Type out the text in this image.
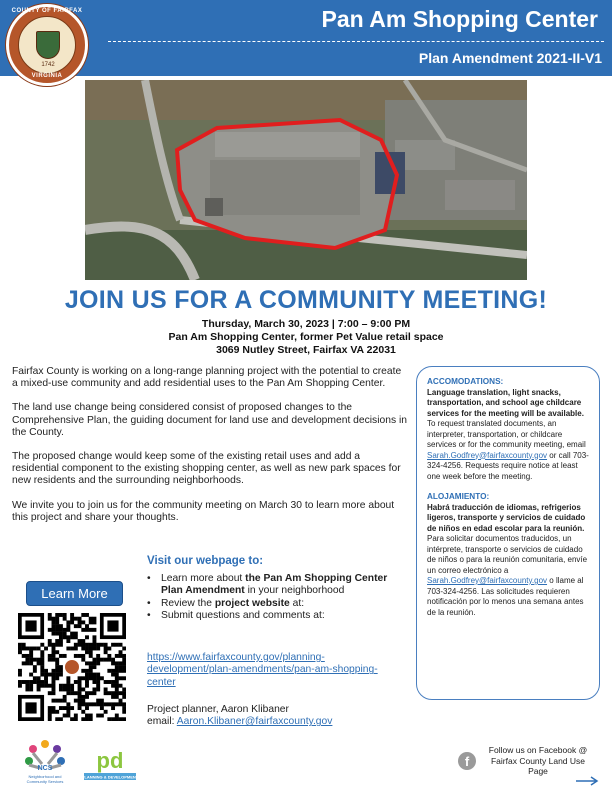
Pan Am Shopping Center
Plan Amendment 2021-II-V1
COUNTY OF FAIRFAX
1742
VIRGINIA
JOIN US FOR A COMMUNITY MEETING!
Thursday, March 30, 2023 | 7:00 – 9:00 PM
Pan Am Shopping Center, former Pet Value retail space
3069 Nutley Street, Fairfax VA 22031

Fairfax County is working on a long-range planning project with the potential to create a mixed-use community and add residential uses to the Pan Am Shopping Center.

The land use change being considered consist of proposed changes to the Comprehensive Plan, the guiding document for land use and development decisions in the County.

The proposed change would keep some of the existing retail uses and add a residential component to the existing shopping center, as well as new park spaces for new residents and the surrounding neighborhoods.

We invite you to join us for the community meeting on March 30 to learn more about this project and share your thoughts.

ACCOMODATIONS:
Language translation, light snacks, transportation, and school age childcare services for the meeting will be available. To request translated documents, an interpreter, transportation, or childcare services or for the community meeting, email Sarah.Godfrey@fairfaxcounty.gov or call 703-324-4256. Requests require notice at least one week before the meeting.
ALOJAMIENTO:
Habrá traducción de idiomas, refrigerios ligeros, transporte y servicios de cuidado de niños en edad escolar para la reunión. Para solicitar documentos traducidos, un intérprete, transporte o servicios de cuidado de niños o para la reunión comunitaria, envíe un correo electrónico a Sarah.Godfrey@fairfaxcounty.gov o llame al 703-324-4256. Las solicitudes requieren notificación por lo menos una semana antes de la reunión.
Learn More
Visit our webpage to:
• Learn more about the Pan Am Shopping Center Plan Amendment in your neighborhood
• Review the project website at:
• Submit questions and comments at:
https://www.fairfaxcounty.gov/planning-development/plan-amendments/pan-am-shopping-center
Project planner, Aaron Klibaner
email: Aaron.Klibaner@fairfaxcounty.gov
NCS
Neighborhood and Community Services
pd
PLANNING & DEVELOPMENT
f
Follow us on Facebook @ Fairfax County Land Use Page
